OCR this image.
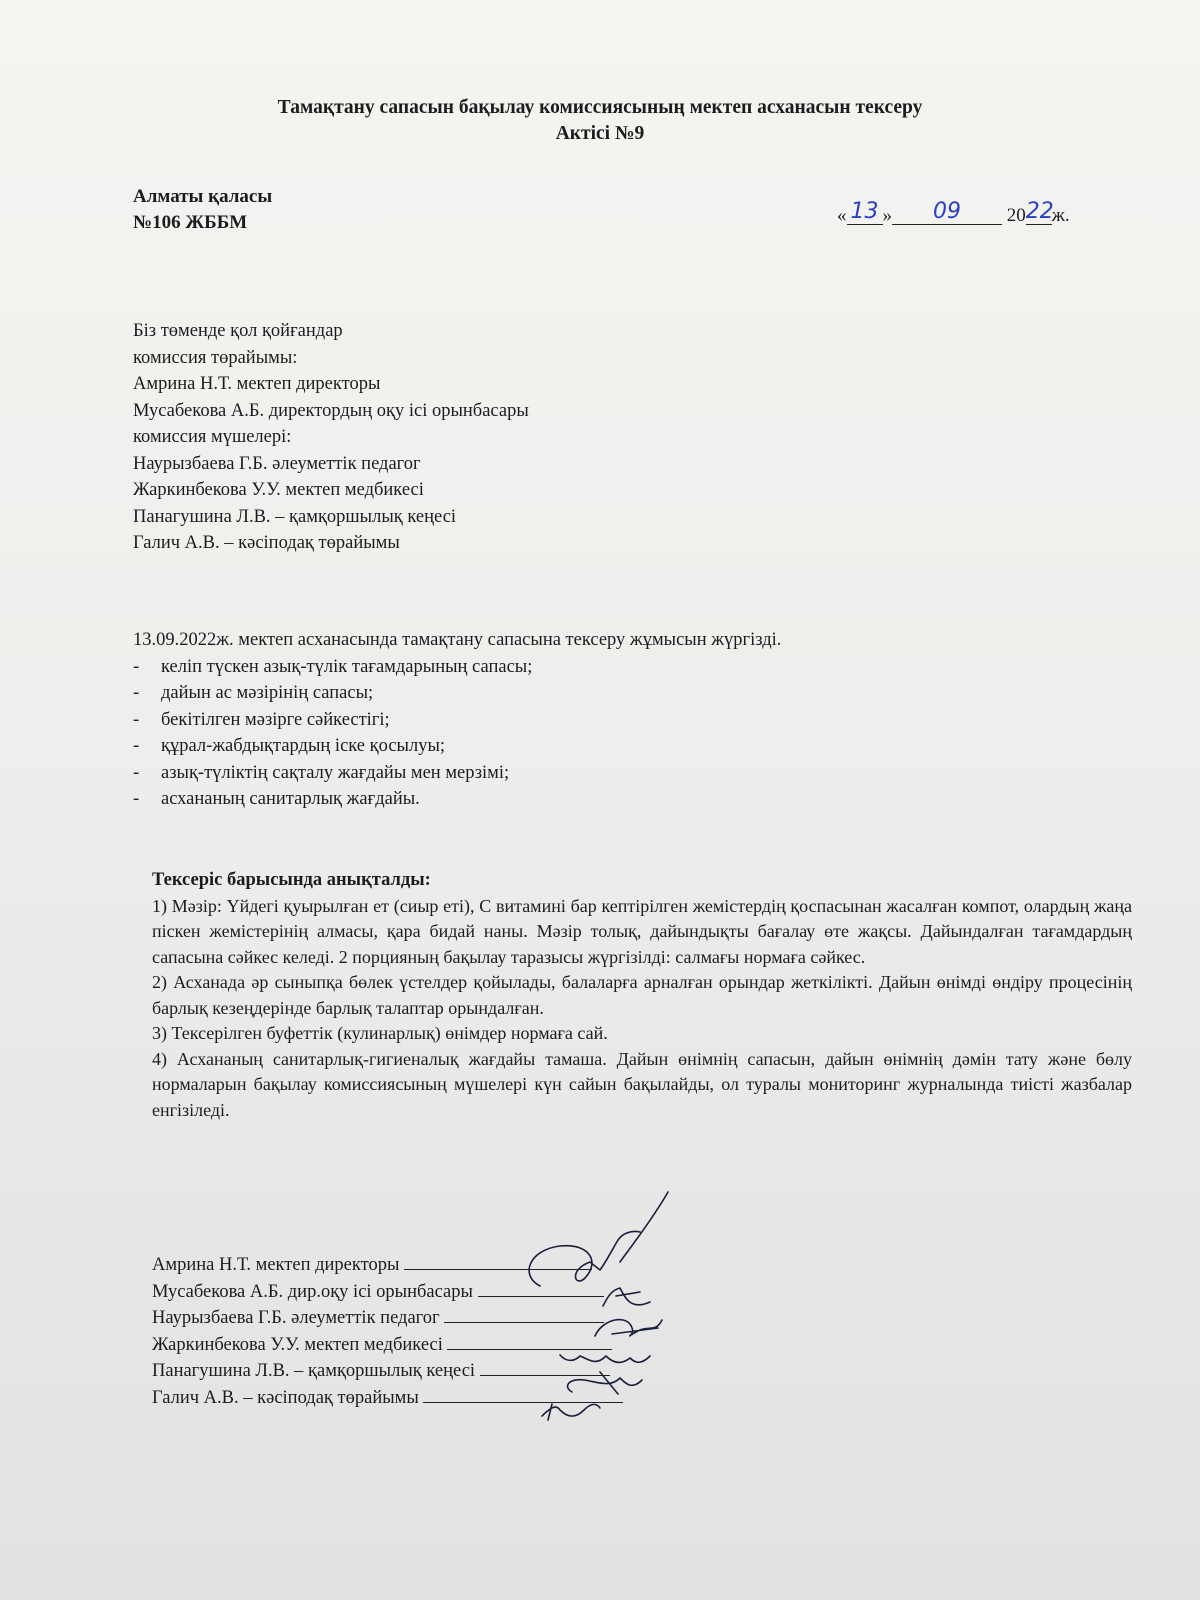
Тамақтану сапасын бақылау комиссиясының мектеп асханасын тексеру
Актісі №9
Алматы қаласы
№106 ЖББМ	« 13 » 09 2022ж.
Біз төменде қол қойғандар
комиссия төрайымы:
Амрина Н.Т. мектеп директоры
Мусабекова А.Б. директордың оқу ісі орынбасары
комиссия мүшелері:
Наурызбаева Г.Б. әлеуметтік педагог
Жаркинбекова У.У. мектеп медбикесі
Панагушина Л.В. – қамқоршылық кеңесі
Галич А.В. – кәсіподақ төрайымы
13.09.2022ж. мектеп асханасында тамақтану сапасына тексеру жұмысын жүргізді.
- келіп түскен азық-түлік тағамдарының сапасы;
- дайын ас мәзірінің сапасы;
- бекітілген мәзірге сәйкестігі;
- құрал-жабдықтардың іске қосылуы;
- азық-түліктің сақталу жағдайы мен мерзімі;
- асхананың санитарлық жағдайы.
Тексеріс барысында анықталды:

1) Мәзір: Үйдегі қуырылған ет (сиыр еті), С витамині бар кептірілген жемістердің қоспасынан жасалған компот, олардың жаңа піскен жемістерінің алмасы, қара бидай наны. Мәзір толық, дайындықты бағалау өте жақсы. Дайындалған тағамдардың сапасына сәйкес келеді. 2 порцияның бақылау таразысы жүргізілді: салмағы нормаға сәйкес.

2) Асханада әр сыныпқа бөлек үстелдер қойылады, балаларға арналған орындар жеткілікті. Дайын өнімді өндіру процесінің барлық кезеңдерінде барлық талаптар орындалған.

3) Тексерілген буфеттік (кулинарлық) өнімдер нормаға сай.

4) Асхананың санитарлық-гигиеналық жағдайы тамаша. Дайын өнімнің сапасын, дайын өнімнің дәмін тату және бөлу нормаларын бақылау комиссиясының мүшелері күн сайын бақылайды, ол туралы мониторинг журналында тиісті жазбалар енгізіледі.

Амрина Н.Т. мектеп директоры
Мусабекова А.Б. дир.оқу ісі орынбасары
Наурызбаева Г.Б. әлеуметтік педагог
Жаркинбекова У.У. мектеп медбикесі
Панагушина Л.В. – қамқоршылық кеңесі
Галич А.В. – кәсіподақ төрайымы
